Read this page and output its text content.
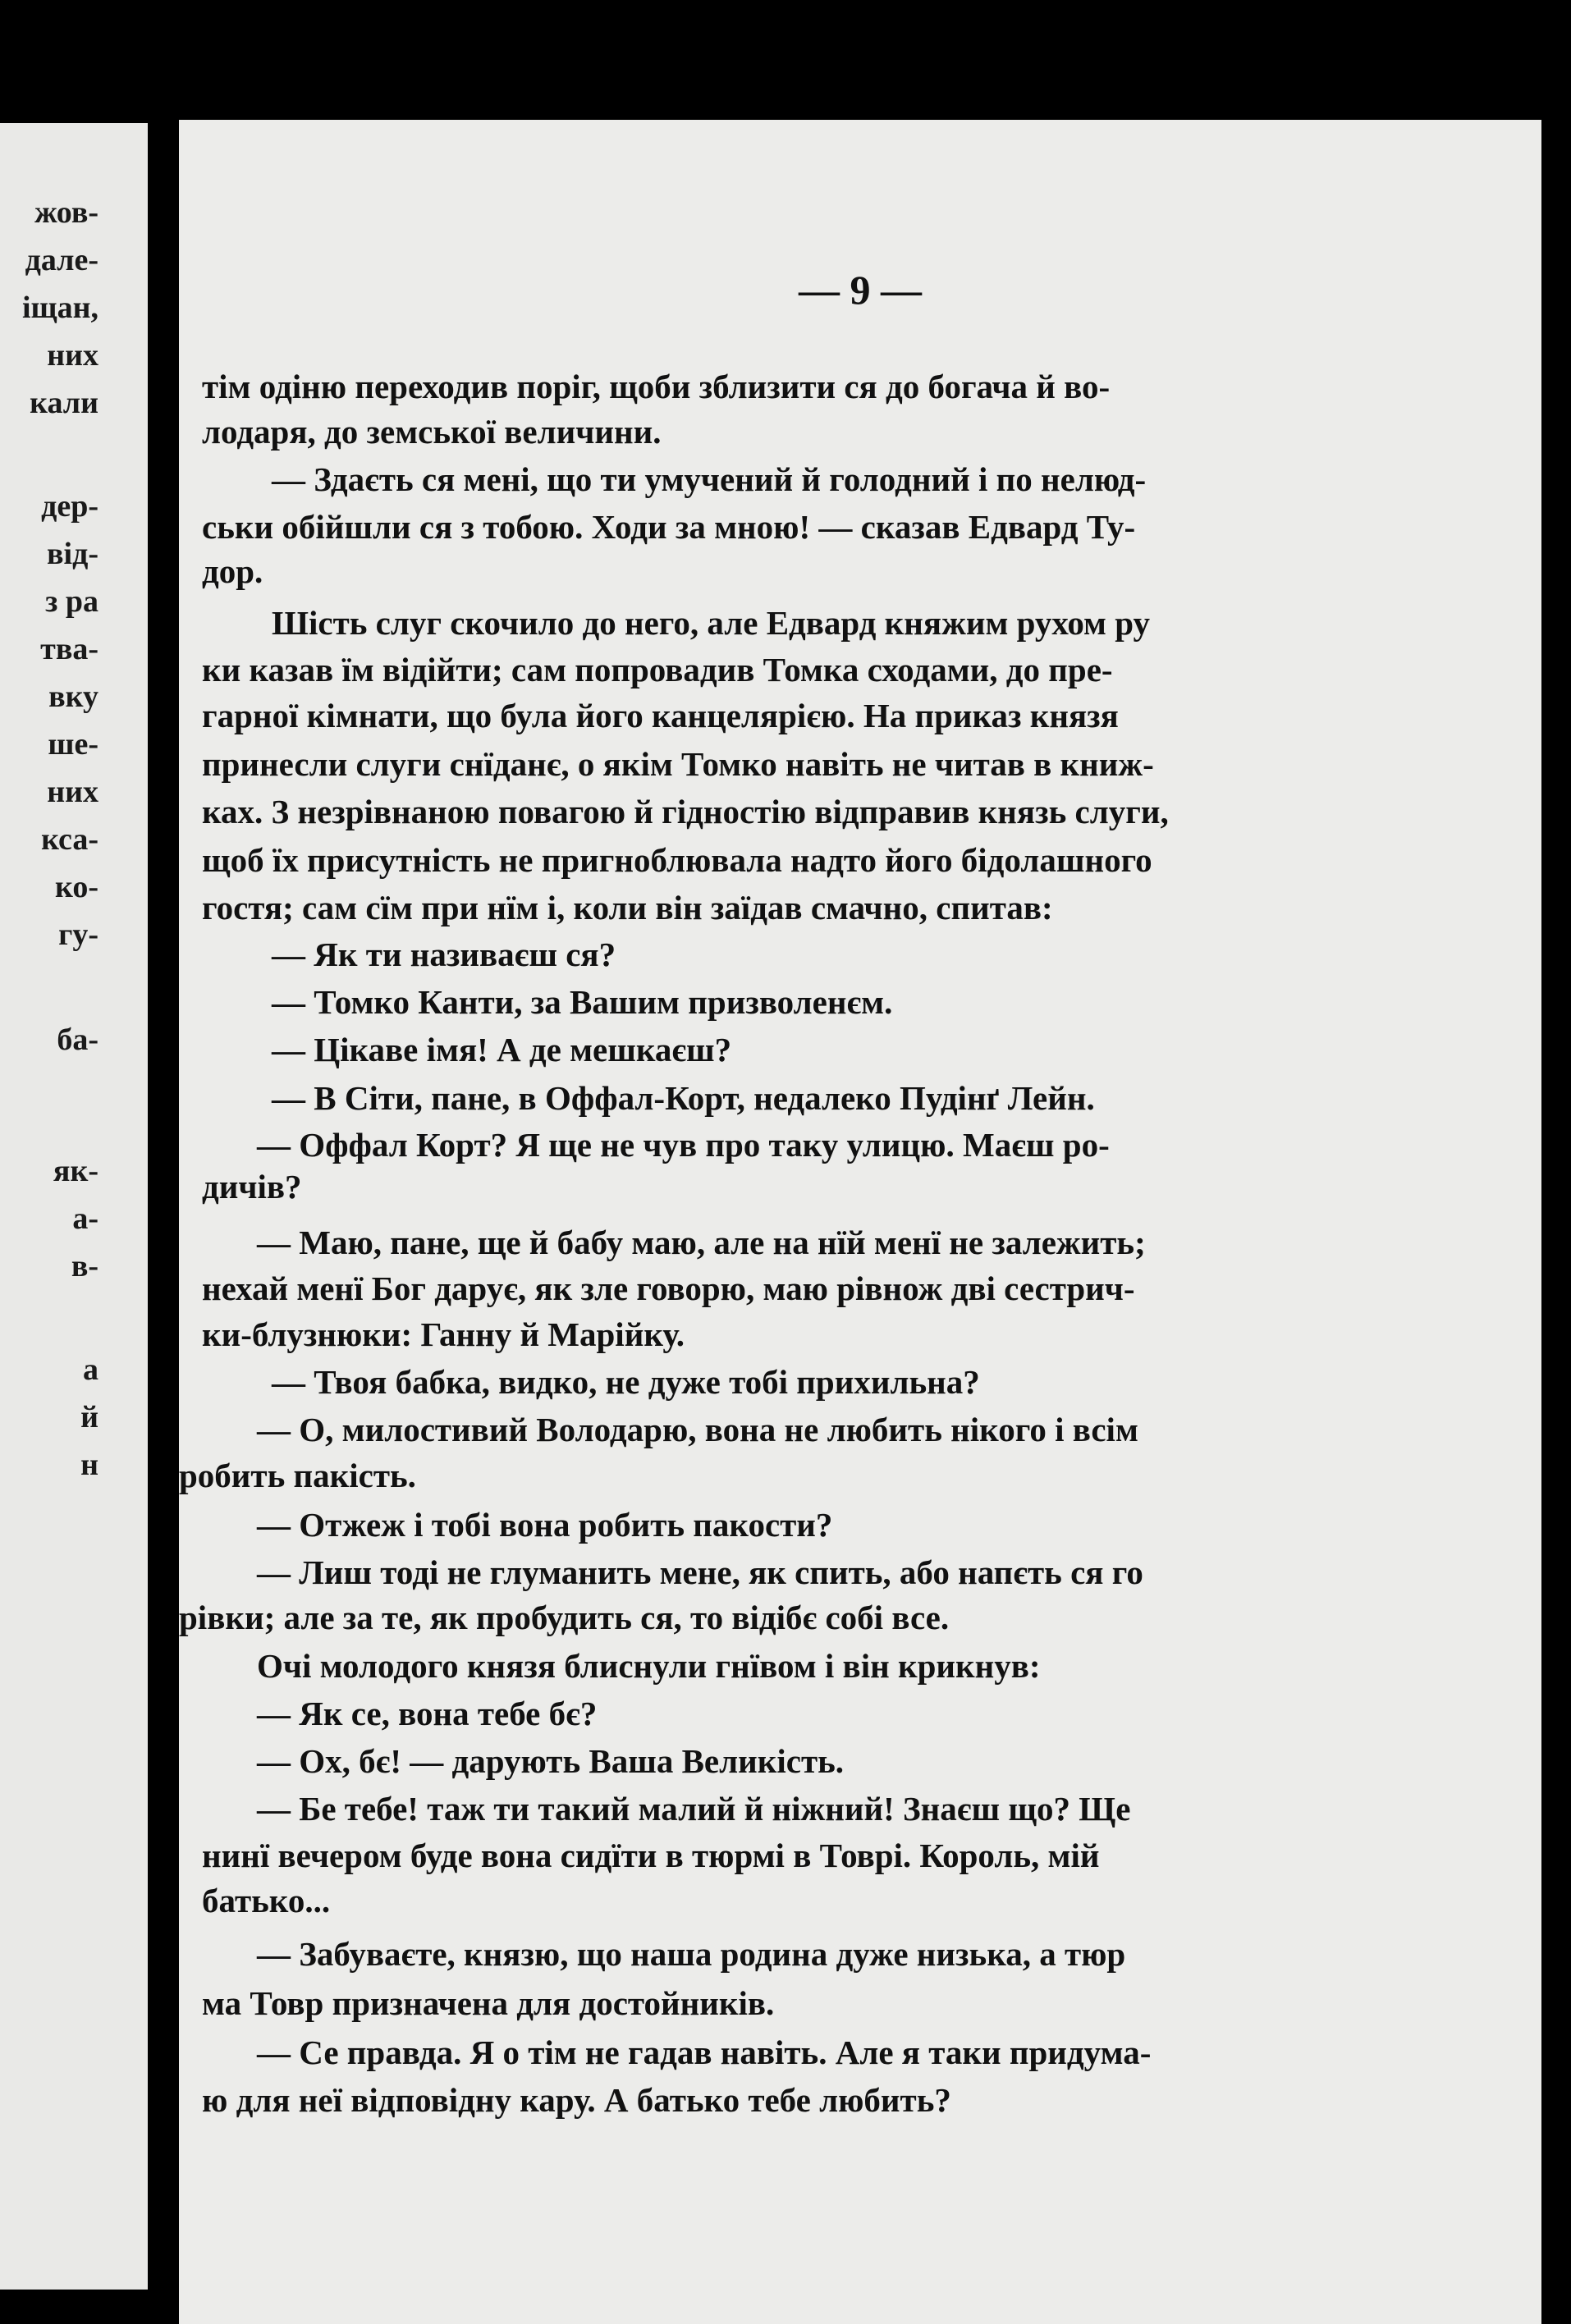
жов-
дале-
іщан,
них
кали
дер-
від-
з ра
тва-
вку
ше-
них
кса-
ко-
гу-
ба-
як-
а-
в-
а
й
н
— 9 —
тім одіню переходив поріг, щоби зблизити ся до богача й во-
лодаря, до земської величини.
— Здаєть ся мені, що ти умучений й голодний і по нелюд-
ськи обійшли ся з тобою. Ходи за мною! — сказав Едвард Ту-
дор.
Шість слуг скочило до него, але Едвард княжим рухом ру
ки казав їм відійти; сам попровадив Томка сходами, до пре-
гарної кімнати, що була його канцелярією. На приказ князя
принесли слуги снїданє, о якім Томко навіть не читав в книж-
ках. З незрівнаною повагою й гідностію відправив князь слуги,
щоб їх присутність не пригноблювала надто його бідолашного
гостя; сам сїм при нїм і, коли він заїдав смачно, спитав:
— Як ти називаєш ся?
— Томко Канти, за Вашим призволенєм.
— Цікаве імя! А де мешкаєш?
— В Сіти, пане, в Оффал-Корт, недалеко Пудінґ Лейн.
— Оффал Корт? Я ще не чув про таку улицю. Маєш ро-
дичів?
— Маю, пане, ще й бабу маю, але на нїй менї не залежить;
нехай менї Бог дарує, як зле говорю, маю рівнож дві сестрич-
ки-блузнюки: Ганну й Марійку.
— Твоя бабка, видко, не дуже тобі прихильна?
— О, милостивий Володарю, вона не любить нікого і всім
робить пакість.
— Отжеж і тобі вона робить пакости?
— Лиш тоді не глуманить мене, як спить, або напєть ся го
рівки; але за те, як пробудить ся, то відібє собі все.
Очі молодого князя блиснули гнївом і він крикнув:
— Як се, вона тебе бє?
— Ох, бє! — дарують Ваша Великість.
— Бе тебе! таж ти такий малий й ніжний! Знаєш що? Ще
нинї вечером буде вона сидїти в тюрмі в Товрі. Король, мій
батько...
— Забуваєте, князю, що наша родина дуже низька, а тюр
ма Товр призначена для достойників.
— Се правда. Я о тім не гадав навіть. Але я таки придума-
ю для неї відповідну кару. А батько тебе любить?
